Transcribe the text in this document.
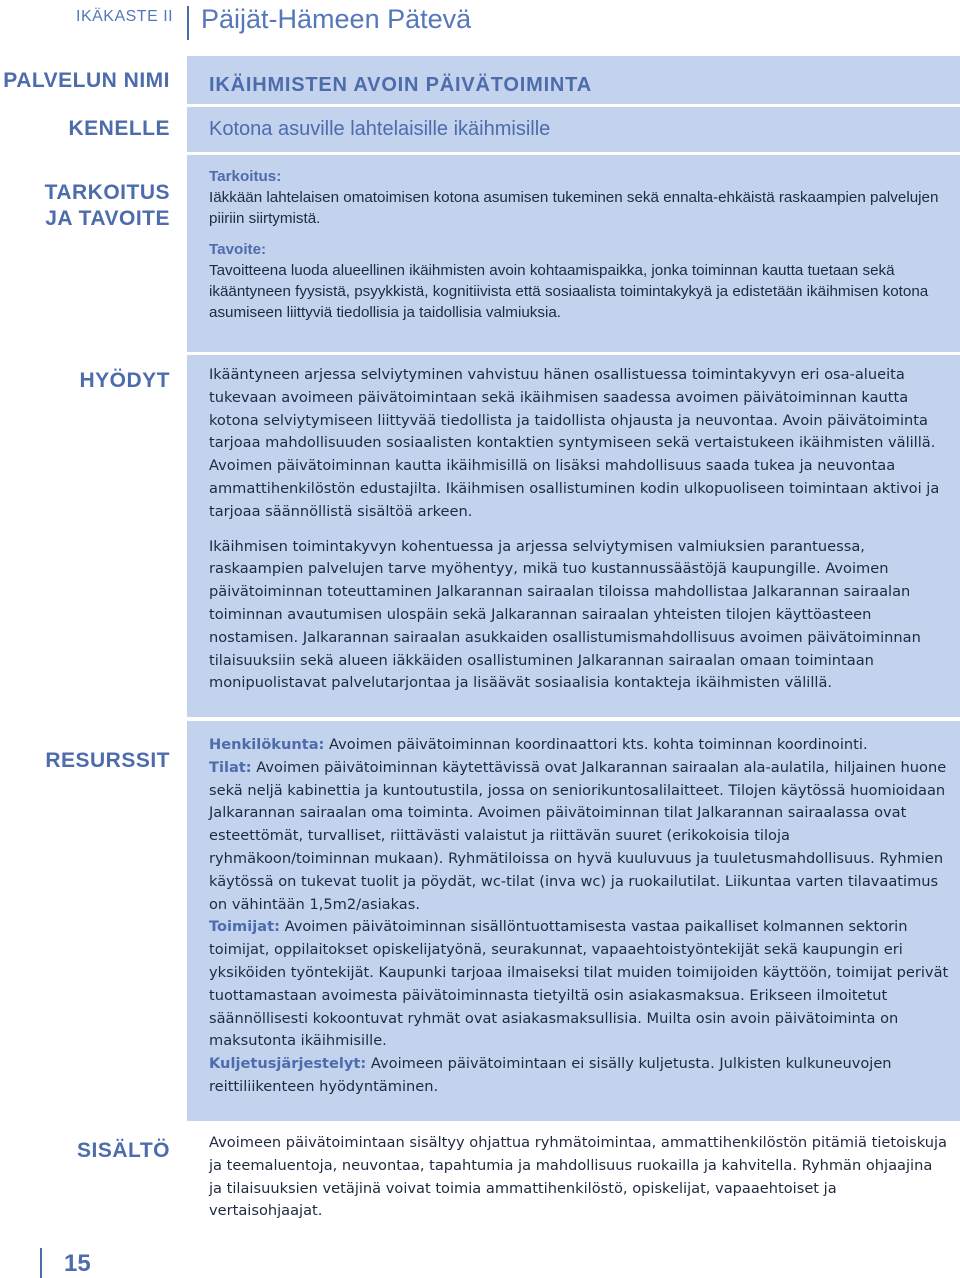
IKÄKASTE II Päijät-Hämeen Pätevä
PALVELUN NIMI
KENELLE
TARKOITUS
JA TAVOITE
HYÖDYT
RESURSSIT
SISÄLTÖ
IKÄIHMISTEN AVOIN PÄIVÄTOIMINTA
Kotona asuville lahtelaisille ikäihmisille

Tarkoitus:

Iäkkään lahtelaisen omatoimisen kotona asumisen tukeminen sekä ennalta-ehkäistä raskaampien palvelujen piiriin siirtymistä.

Tavoite:

Tavoitteena luoda alueellinen ikäihmisten avoin kohtaamispaikka, jonka toiminnan kautta tuetaan sekä ikääntyneen fyysistä, psyykkistä, kognitiivista että sosiaalista toimintakykyä ja edistetään ikäihmisen kotona asumiseen liittyviä tiedollisia ja taidollisia valmiuksia.

Ikääntyneen arjessa selviytyminen vahvistuu hänen osallistuessa toimintakyvyn eri osa-alueita tukevaan avoimeen päivätoimintaan sekä ikäihmisen saadessa avoimen päivätoiminnan kautta kotona selviytymiseen liittyvää tiedollista ja taidollista ohjausta ja neuvontaa. Avoin päivätoiminta tarjoaa mahdollisuuden sosiaalisten kontaktien syntymiseen sekä vertaistukeen ikäihmisten välillä. Avoimen päivätoiminnan kautta ikäihmisillä on lisäksi mahdollisuus saada tukea ja neuvontaa ammattihenkilöstön edustajilta. Ikäihmisen osallistuminen kodin ulkopuoliseen toimintaan aktivoi ja tarjoaa säännöllistä sisältöä arkeen.

Ikäihmisen toimintakyvyn kohentuessa ja arjessa selviytymisen valmiuksien parantuessa, raskaampien palvelujen tarve myöhentyy, mikä tuo kustannussäästöjä kaupungille. Avoimen päivätoiminnan toteuttaminen Jalkarannan sairaalan tiloissa mahdollistaa Jalkarannan sairaalan toiminnan avautumisen ulospäin sekä Jalkarannan sairaalan yhteisten tilojen käyttöasteen nostamisen. Jalkarannan sairaalan asukkaiden osallistumismahdollisuus avoimen päivätoiminnan tilaisuuksiin sekä alueen iäkkäiden osallistuminen Jalkarannan sairaalan omaan toimintaan monipuolistavat palvelutarjontaa ja lisäävät sosiaalisia kontakteja ikäihmisten välillä.

Henkilökunta: Avoimen päivätoiminnan koordinaattori kts. kohta toiminnan koordinointi.

Tilat: Avoimen päivätoiminnan käytettävissä ovat Jalkarannan sairaalan ala-aulatila, hiljainen huone sekä neljä kabinettia ja kuntoutustila, jossa on seniorikuntosalilaitteet. Tilojen käytössä huomioidaan Jalkarannan sairaalan oma toiminta. Avoimen päivätoiminnan tilat Jalkarannan sairaalassa ovat esteettömät, turvalliset, riittävästi valaistut ja riittävän suuret (erikokoisia tiloja ryhmäkoon/toiminnan mukaan). Ryhmätiloissa on hyvä kuuluvuus ja tuuletusmahdollisuus. Ryhmien käytössä on tukevat tuolit ja pöydät, wc-tilat (inva wc) ja ruokailutilat. Liikuntaa varten tilavaatimus on vähintään 1,5m2/asiakas.

Toimijat: Avoimen päivätoiminnan sisällöntuottamisesta vastaa paikalliset kolmannen sektorin toimijat, oppilaitokset opiskelijatyönä, seurakunnat, vapaaehtoistyöntekijät sekä kaupungin eri yksiköiden työntekijät. Kaupunki tarjoaa ilmaiseksi tilat muiden toimijoiden käyttöön, toimijat perivät tuottamastaan avoimesta päivätoiminnasta tietyiltä osin asiakasmaksua. Erikseen ilmoitetut säännöllisesti kokoontuvat ryhmät ovat asiakasmaksullisia. Muilta osin avoin päivätoiminta on maksutonta ikäihmisille.

Kuljetusjärjestelyt: Avoimeen päivätoimintaan ei sisälly kuljetusta. Julkisten kulkuneuvojen reittiliikenteen hyödyntäminen.

Avoimeen päivätoimintaan sisältyy ohjattua ryhmätoimintaa, ammattihenkilöstön pitämiä tietoiskuja ja teemaluentoja, neuvontaa, tapahtumia ja mahdollisuus ruokailla ja kahvitella. Ryhmän ohjaajina ja tilaisuuksien vetäjinä voivat toimia ammattihenkilöstö, opiskelijat, vapaaehtoiset ja vertaisohjaajat.

15
